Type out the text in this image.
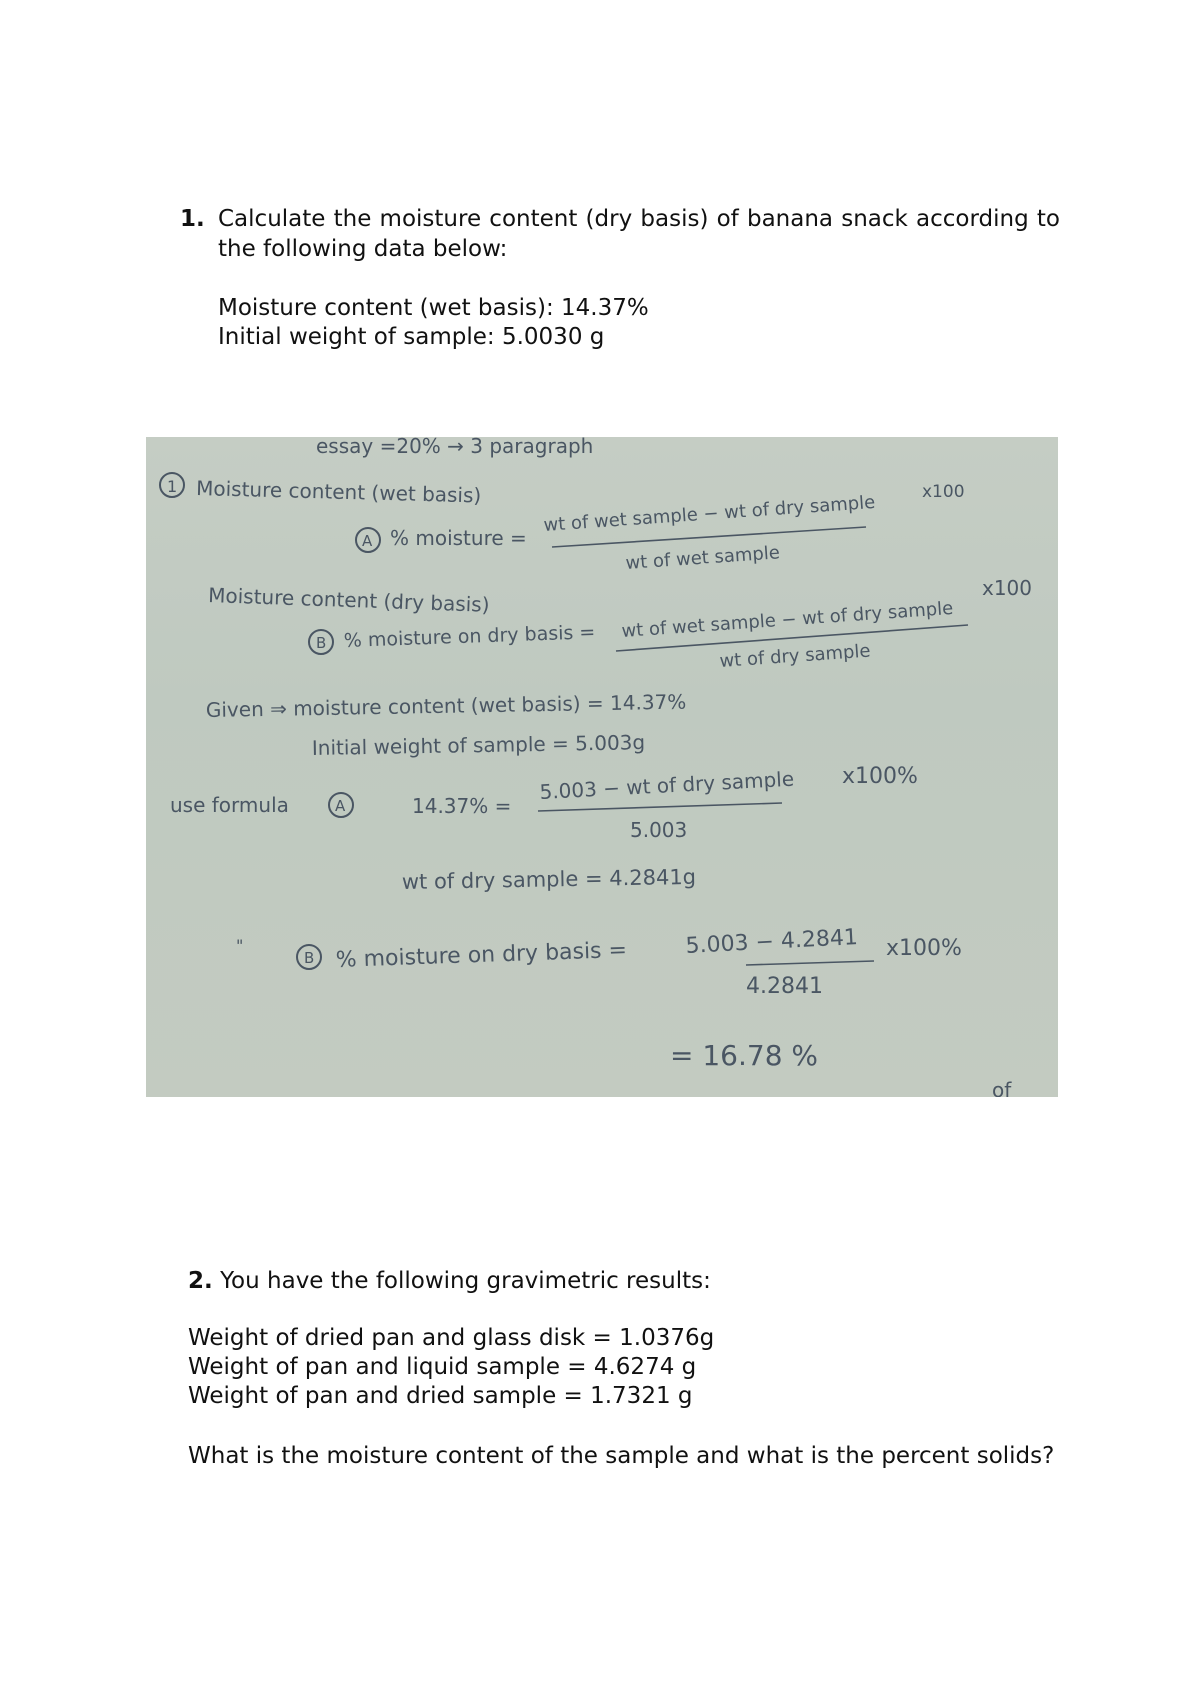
1. Calculate the moisture content (dry basis) of banana snack according to the following data below:
Moisture content (wet basis): 14.37%
Initial weight of sample: 5.0030 g
essay =20% → 3 paragraph
1 Moisture content (wet basis)
A % moisture =
wt of wet sample − wt of dry sample
wt of wet sample
x100
Moisture content (dry basis)
B % moisture on dry basis = wt of wet sample − wt of dry sample
wt of dry sample
x100
Given ⇒ moisture content (wet basis) = 14.37%
Initial weight of sample = 5.003g
use formula	A	14.37% =
5.003 − wt of dry sample
5.003
x100%
wt of dry sample = 4.2841g
"
B % moisture on dry basis =	5.003 − 4.2841
4.2841
x100%
= 16.78 %
of
2. You have the following gravimetric results:
Weight of dried pan and glass disk = 1.0376g
Weight of pan and liquid sample = 4.6274 g
Weight of pan and dried sample = 1.7321 g
What is the moisture content of the sample and what is the percent solids?
